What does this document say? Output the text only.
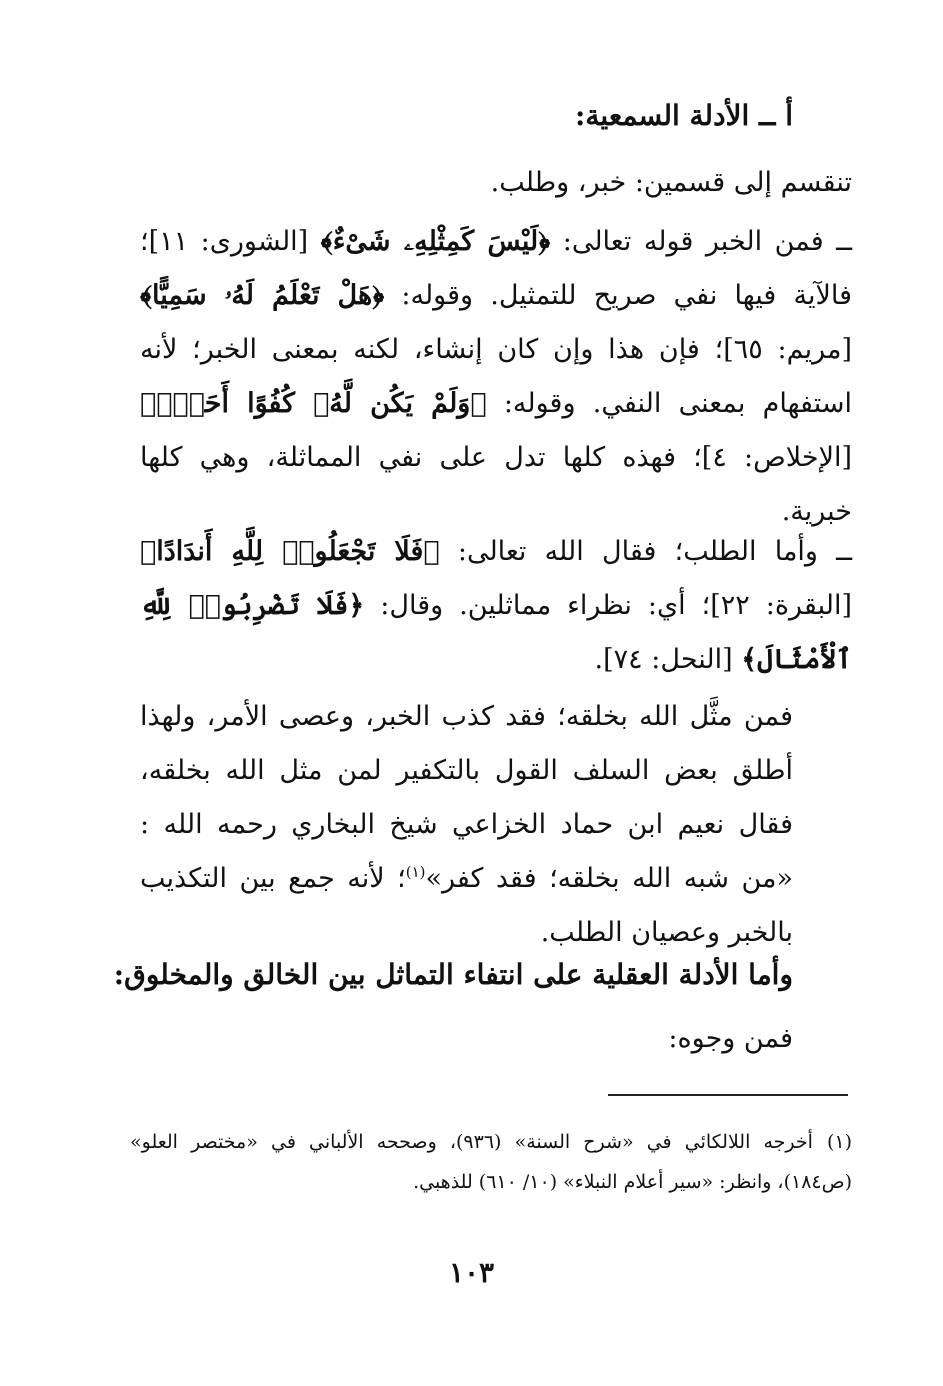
أ ــ الأدلة السمعية:

تنقسم إلى قسمين: خبر، وطلب.

ــ فمن الخبر قوله تعالى: ﴿لَيْسَ كَمِثْلِهِۦ شَىْءٌ﴾ [الشورى: ١١]؛ فالآية فيها نفي صريح للتمثيل. وقوله: ﴿هَلْ تَعْلَمُ لَهُۥ سَمِيًّا﴾ [مريم: ٦٥]؛ فإن هذا وإن كان إنشاء، لكنه بمعنى الخبر؛ لأنه استفهام بمعنى النفي. وقوله: ﴿وَلَمْ يَكُن لَّهُۥ كُفُوًا أَحَدٌۢ﴾ [الإخلاص: ٤]؛ فهذه كلها تدل على نفي المماثلة، وهي كلها خبرية.

ــ وأما الطلب؛ فقال الله تعالى: ﴿فَلَا تَجْعَلُوا۟ لِلَّهِ أَندَادًا﴾ [البقرة: ٢٢]؛ أي: نظراء مماثلين. وقال: ﴿فَلَا تَضْرِبُوا۟ لِلَّهِ ٱلْأَمْثَالَ﴾ [النحل: ٧٤].

فمن مثَّل الله بخلقه؛ فقد كذب الخبر، وعصى الأمر، ولهذا أطلق بعض السلف القول بالتكفير لمن مثل الله بخلقه، فقال نعيم ابن حماد الخزاعي شيخ البخاري رحمه الله : «من شبه الله بخلقه؛ فقد كفر»$^{(١)}$؛ لأنه جمع بين التكذيب بالخبر وعصيان الطلب.

وأما الأدلة العقلية على انتفاء التماثل بين الخالق والمخلوق:
فمن وجوه:
(١)أخرجه اللالكائي في «شرح السنة» (٩٣٦)، وصححه الألباني في «مختصر العلو» (ص١٨٤)، وانظر: «سير أعلام النبلاء» (١٠/ ٦١٠) للذهبي.
١٠٣
